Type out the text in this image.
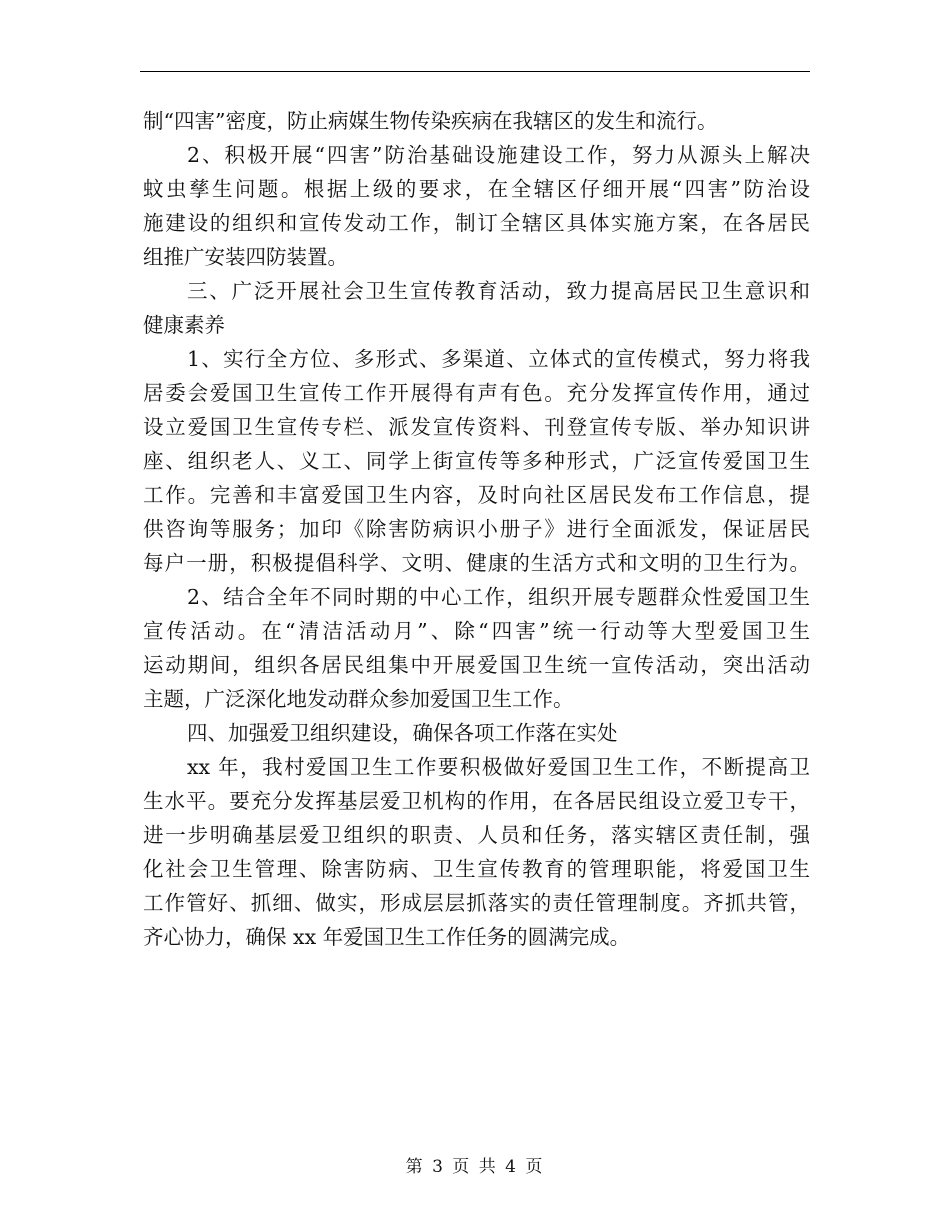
制“四害”密度，防止病媒生物传染疾病在我辖区的发生和流行。
2、积极开展“四害”防治基础设施建设工作，努力从源头上解决
蚊虫孳生问题。根据上级的要求，在全辖区仔细开展“四害”防治设
施建设的组织和宣传发动工作，制订全辖区具体实施方案，在各居民
组推广安装四防装置。
三、广泛开展社会卫生宣传教育活动，致力提高居民卫生意识和
健康素养
1、实行全方位、多形式、多渠道、立体式的宣传模式，努力将我
居委会爱国卫生宣传工作开展得有声有色。充分发挥宣传作用，通过
设立爱国卫生宣传专栏、派发宣传资料、刊登宣传专版、举办知识讲
座、组织老人、义工、同学上街宣传等多种形式，广泛宣传爱国卫生
工作。完善和丰富爱国卫生内容，及时向社区居民发布工作信息，提
供咨询等服务；加印《除害防病识小册子》进行全面派发，保证居民
每户一册，积极提倡科学、文明、健康的生活方式和文明的卫生行为。
2、结合全年不同时期的中心工作，组织开展专题群众性爱国卫生
宣传活动。在“清洁活动月”、除“四害”统一行动等大型爱国卫生
运动期间，组织各居民组集中开展爱国卫生统一宣传活动，突出活动
主题，广泛深化地发动群众参加爱国卫生工作。
四、加强爱卫组织建设，确保各项工作落在实处
xx 年，我村爱国卫生工作要积极做好爱国卫生工作，不断提高卫
生水平。要充分发挥基层爱卫机构的作用，在各居民组设立爱卫专干，
进一步明确基层爱卫组织的职责、人员和任务，落实辖区责任制，强
化社会卫生管理、除害防病、卫生宣传教育的管理职能，将爱国卫生
工作管好、抓细、做实，形成层层抓落实的责任管理制度。齐抓共管，
齐心协力，确保 xx 年爱国卫生工作任务的圆满完成。
第 3 页 共 4 页
